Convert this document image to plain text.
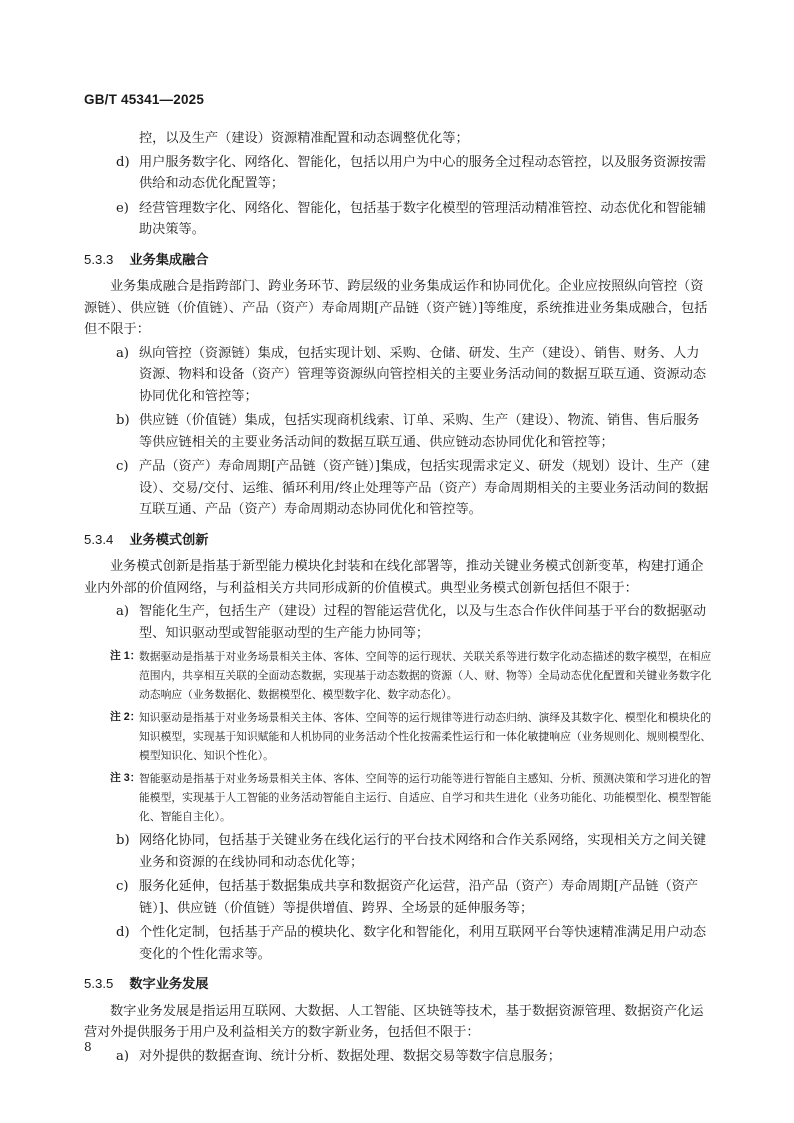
GB/T 45341—2025
控，以及生产（建设）资源精准配置和动态调整优化等；
d) 用户服务数字化、网络化、智能化，包括以用户为中心的服务全过程动态管控，以及服务资源按需供给和动态优化配置等；
e) 经营管理数字化、网络化、智能化，包括基于数字化模型的管理活动精准管控、动态优化和智能辅助决策等。
5.3.3 业务集成融合
业务集成融合是指跨部门、跨业务环节、跨层级的业务集成运作和协同优化。企业应按照纵向管控（资源链）、供应链（价值链）、产品（资产）寿命周期[产品链（资产链）]等维度，系统推进业务集成融合，包括但不限于：
a) 纵向管控（资源链）集成，包括实现计划、采购、仓储、研发、生产（建设）、销售、财务、人力资源、物料和设备（资产）管理等资源纵向管控相关的主要业务活动间的数据互联互通、资源动态协同优化和管控等；
b) 供应链（价值链）集成，包括实现商机线索、订单、采购、生产（建设）、物流、销售、售后服务等供应链相关的主要业务活动间的数据互联互通、供应链动态协同优化和管控等；
c) 产品（资产）寿命周期[产品链（资产链）]集成，包括实现需求定义、研发（规划）设计、生产（建设）、交易/交付、运维、循环利用/终止处理等产品（资产）寿命周期相关的主要业务活动间的数据互联互通、产品（资产）寿命周期动态协同优化和管控等。
5.3.4 业务模式创新
业务模式创新是指基于新型能力模块化封装和在线化部署等，推动关键业务模式创新变革，构建打通企业内外部的价值网络，与利益相关方共同形成新的价值模式。典型业务模式创新包括但不限于：
a) 智能化生产，包括生产（建设）过程的智能运营优化，以及与生态合作伙伴间基于平台的数据驱动型、知识驱动型或智能驱动型的生产能力协同等；
注 1：
数据驱动是指基于对业务场景相关主体、客体、空间等的运行现状、关联关系等进行数字化动态描述的数字模型，在相应范围内，共享相互关联的全面动态数据，实现基于动态数据的资源（人、财、物等）全局动态优化配置和关键业务数字化动态响应（业务数据化、数据模型化、模型数字化、数字动态化）。
注 2：
知识驱动是指基于对业务场景相关主体、客体、空间等的运行规律等进行动态归纳、演绎及其数字化、模型化和模块化的知识模型，实现基于知识赋能和人机协同的业务活动个性化按需柔性运行和一体化敏捷响应（业务规则化、规则模型化、模型知识化、知识个性化）。
注 3：
智能驱动是指基于对业务场景相关主体、客体、空间等的运行功能等进行智能自主感知、分析、预测决策和学习进化的智能模型，实现基于人工智能的业务活动智能自主运行、自适应、自学习和共生进化（业务功能化、功能模型化、模型智能化、智能自主化）。
b) 网络化协同，包括基于关键业务在线化运行的平台技术网络和合作关系网络，实现相关方之间关键业务和资源的在线协同和动态优化等；
c) 服务化延伸，包括基于数据集成共享和数据资产化运营，沿产品（资产）寿命周期[产品链（资产链）]、供应链（价值链）等提供增值、跨界、全场景的延伸服务等；
d) 个性化定制，包括基于产品的模块化、数字化和智能化，利用互联网平台等快速精准满足用户动态变化的个性化需求等。
5.3.5 数字业务发展
数字业务发展是指运用互联网、大数据、人工智能、区块链等技术，基于数据资源管理、数据资产化运营对外提供服务于用户及利益相关方的数字新业务，包括但不限于：
a) 对外提供的数据查询、统计分析、数据处理、数据交易等数字信息服务；
8
